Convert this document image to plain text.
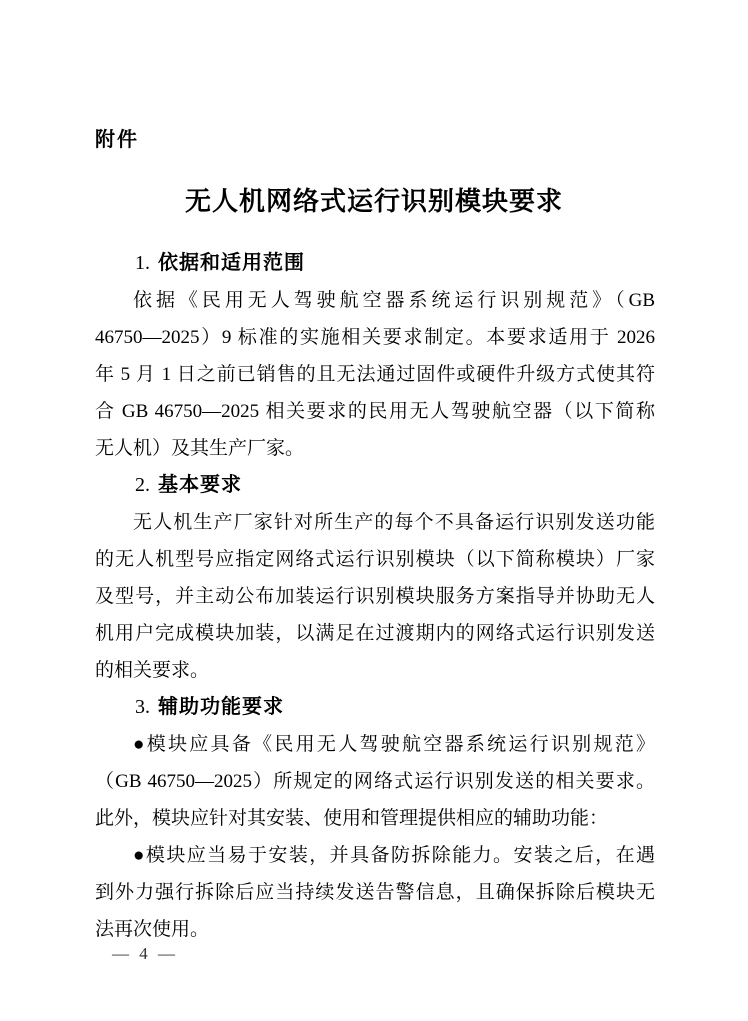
附件
无人机网络式运行识别模块要求
1. 依据和适用范围
依据《民用无人驾驶航空器系统运行识别规范》（GB
46750—2025）9 标准的实施相关要求制定。本要求适用于 2026
年 5 月 1 日之前已销售的且无法通过固件或硬件升级方式使其符
合 GB 46750—2025 相关要求的民用无人驾驶航空器（以下简称
无人机）及其生产厂家。
2. 基本要求
无人机生产厂家针对所生产的每个不具备运行识别发送功能
的无人机型号应指定网络式运行识别模块（以下简称模块）厂家
及型号，并主动公布加装运行识别模块服务方案指导并协助无人
机用户完成模块加装，以满足在过渡期内的网络式运行识别发送
的相关要求。
3. 辅助功能要求
●模块应具备《民用无人驾驶航空器系统运行识别规范》
（GB 46750—2025）所规定的网络式运行识别发送的相关要求。
此外，模块应针对其安装、使用和管理提供相应的辅助功能：
●模块应当易于安装，并具备防拆除能力。安装之后，在遇
到外力强行拆除后应当持续发送告警信息，且确保拆除后模块无
法再次使用。
— 4 —
